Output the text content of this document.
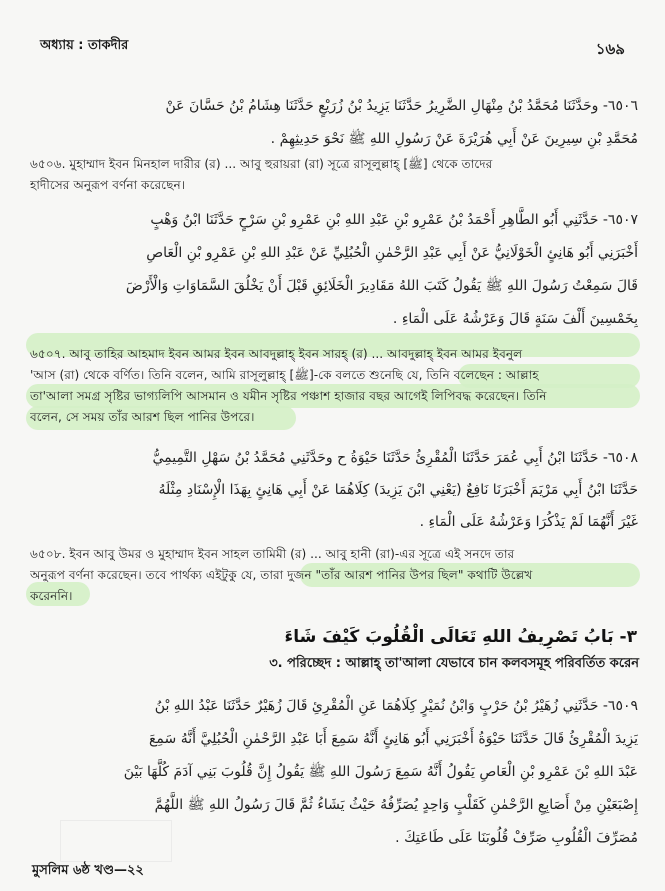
অধ্যায় : তাকদীর	১৬৯
٦٥٠٦- وحَدَّثَنَا مُحَمَّدُ بْنُ مِنْهَالِ الضَّرِيرُ حَدَّثَنَا يَزِيدُ بْنُ زُرَيْعٍ حَدَّثَنَا هِشَامُ بْنُ حَسَّانَ عَنْ
مُحَمَّدِ بْنِ سِيرِينَ عَنْ أَبِي هُرَيْرَةَ عَنْ رَسُولِ اللهِ ﷺ نَحْوَ حَدِيثِهِمْ .
৬৫০৬. মুহাম্মাদ ইবন মিনহাল দারীর (র) ... আবু হুরায়রা (রা) সূত্রে রাসূলুল্লাহ্ [ﷺ] থেকে তাদের
হাদীসের অনুরূপ বর্ণনা করেছেন।
٦٥٠٧- حَدَّثَنِي أَبُو الطَّاهِرِ أَحْمَدُ بْنُ عَمْرِو بْنِ عَبْدِ اللهِ بْنِ عَمْرِو بْنِ سَرْحٍ حَدَّثَنَا ابْنُ وَهْبٍ
أَخْبَرَنِي أَبُو هَانِئٍ الْخَوْلَانِيُّ عَنْ أَبِي عَبْدِ الرَّحْمٰنِ الْحُبُلِيِّ عَنْ عَبْدِ اللهِ بْنِ عَمْرِو بْنِ الْعَاصِ
قَالَ سَمِعْتُ رَسُولَ اللهِ ﷺ يَقُولُ كَتَبَ اللهُ مَقَادِيرَ الْخَلَائِقِ قَبْلَ أَنْ يَخْلُقَ السَّمَاوَاتِ وَالْأَرْضَ
بِخَمْسِينَ أَلْفَ سَنَةٍ قَالَ وَعَرْشُهُ عَلَى الْمَاءِ .
৬৫০৭. আবু তাহির আহমাদ ইবন আমর ইবন আবদুল্লাহ্ ইবন সারহ্ (র) ... আবদুল্লাহ্ ইবন আমর ইবনুল
'আস (রা) থেকে বর্ণিত। তিনি বলেন, আমি রাসূলুল্লাহ্ [ﷺ]-কে বলতে শুনেছি যে, তিনি বলেছেন : আল্লাহ
তা'আলা সমগ্র সৃষ্টির ভাগ্যলিপি আসমান ও যমীন সৃষ্টির পঞ্চাশ হাজার বছর আগেই লিপিবদ্ধ করেছেন। তিনি
বলেন, সে সময় তাঁর আরশ ছিল পানির উপরে।
٦٥٠٨- حَدَّثَنَا ابْنُ أَبِي عُمَرَ حَدَّثَنَا الْمُقْرِئُ حَدَّثَنَا حَيْوَةُ ح وحَدَّثَنِي مُحَمَّدُ بْنُ سَهْلِ التَّمِيمِيُّ
حَدَّثَنَا ابْنُ أَبِي مَرْيَمَ أَخْبَرَنَا نَافِعٌ (يَعْنِي ابْنَ يَزِيدَ) كِلَاهُمَا عَنْ أَبِي هَانِئٍ بِهَذَا الْإِسْنَادِ مِثْلَهُ
غَيْرَ أَنَّهُمَا لَمْ يَذْكُرَا وَعَرْشُهُ عَلَى الْمَاءِ .
৬৫০৮. ইবন আবু উমর ও মুহাম্মাদ ইবন সাহল তামিমী (র) ... আবু হানী (রা)-এর সূত্রে এই সনদে তার
অনুরূপ বর্ণনা করেছেন। তবে পার্থক্য এইটুকু যে, তারা দুজন "তাঁর আরশ পানির উপর ছিল" কথাটি উল্লেখ
করেননি।
٣- بَابُ تَصْرِيفُ اللهِ تَعَالَى الْقُلُوبَ كَيْفَ شَاءَ
৩. পরিচ্ছেদ : আল্লাহ্ তা'আলা যেভাবে চান কলবসমূহ পরিবর্তিত করেন
٦٥٠٩- حَدَّثَنِي زُهَيْرُ بْنُ حَرْبٍ وَابْنُ نُمَيْرٍ كِلَاهُمَا عَنِ الْمُقْرِئِ قَالَ زُهَيْرٌ حَدَّثَنَا عَبْدُ اللهِ بْنُ
يَزِيدَ الْمُقْرِئُ قَالَ حَدَّثَنَا حَيْوَةُ أَخْبَرَنِي أَبُو هَانِئٍ أَنَّهُ سَمِعَ أَبَا عَبْدِ الرَّحْمٰنِ الْحُبُلِيَّ أَنَّهُ سَمِعَ
عَبْدَ اللهِ بْنَ عَمْرِو بْنِ الْعَاصِ يَقُولُ أَنَّهُ سَمِعَ رَسُولَ اللهِ ﷺ يَقُولُ إِنَّ قُلُوبَ بَنِي آدَمَ كُلَّهَا بَيْنَ
إِصْبَعَيْنِ مِنْ أَصَابِعِ الرَّحْمٰنِ كَقَلْبٍ وَاحِدٍ يُصَرِّفُهُ حَيْثُ يَشَاءُ ثُمَّ قَالَ رَسُولُ اللهِ ﷺ اللَّهُمَّ
مُصَرِّفَ الْقُلُوبِ صَرِّفْ قُلُوبَنَا عَلَى طَاعَتِكَ .
মুসলিম ৬ষ্ঠ খণ্ড—২২
